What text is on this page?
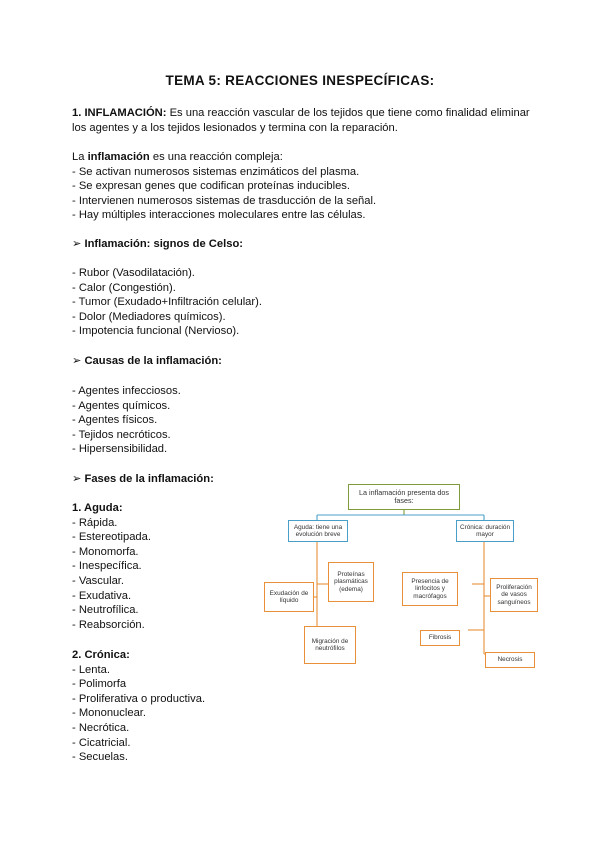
TEMA 5: REACCIONES INESPECÍFICAS:
1. INFLAMACIÓN: Es una reacción vascular de los tejidos que tiene como finalidad eliminar
los agentes y a los tejidos lesionados y termina con la reparación.
La inflamación es una reacción compleja:
- Se activan numerosos sistemas enzimáticos del plasma.
- Se expresan genes que codifican proteínas inducibles.
- Intervienen numerosos sistemas de trasducción de la señal.
- Hay múltiples interacciones moleculares entre las células.
➢ Inflamación: signos de Celso:
- Rubor (Vasodilatación).
- Calor (Congestión).
- Tumor (Exudado+Infiltración celular).
- Dolor (Mediadores químicos).
- Impotencia funcional (Nervioso).
➢ Causas de la inflamación:
- Agentes infecciosos.
- Agentes químicos.
- Agentes físicos.
- Tejidos necróticos.
- Hipersensibilidad.
➢ Fases de la inflamación:
1. Aguda:
- Rápida.
- Estereotipada.
- Monomorfa.
- Inespecífica.
- Vascular.
- Exudativa.
- Neutrofílica.
- Reabsorción.
2. Crónica:
- Lenta.
- Polimorfa
- Proliferativa o productiva.
- Mononuclear.
- Necrótica.
- Cicatricial.
- Secuelas.
La inflamación presenta dos fases:
Aguda: tiene una evolución breve
Crónica: duración mayor
Exudación de líquido
Proteínas plasmáticas (edema)
Migración de neutrófilos
Presencia de linfocitos y macrófagos
Proliferación de vasos sanguíneos
Fibrosis
Necrosis
